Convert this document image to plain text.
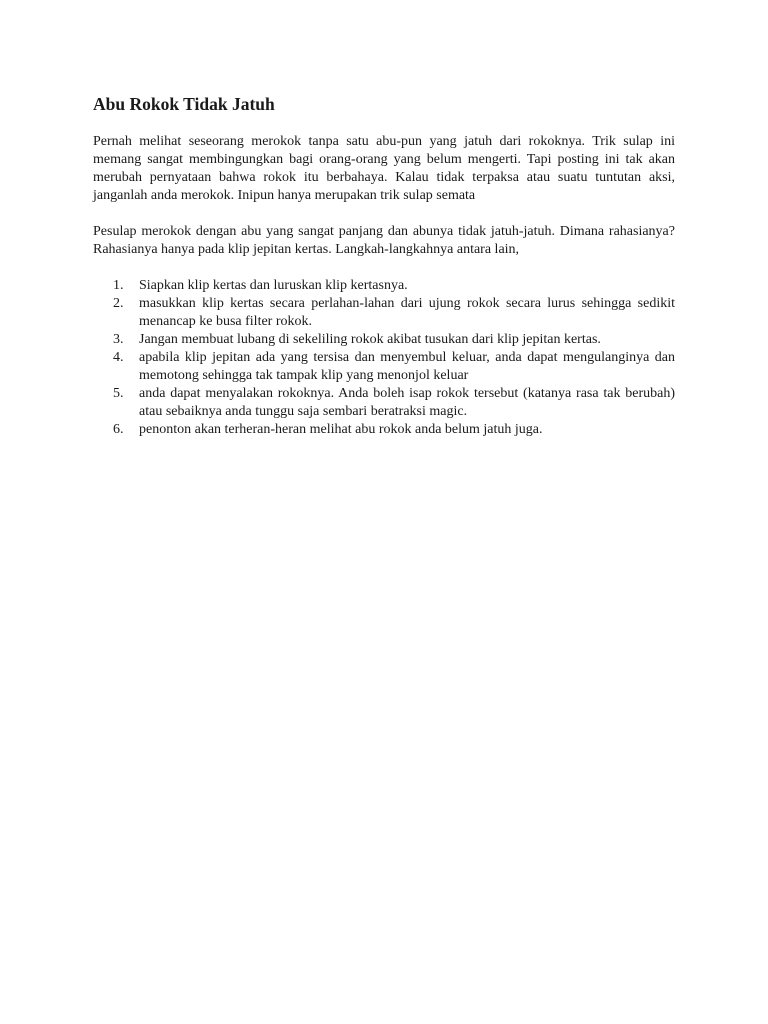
Abu Rokok Tidak Jatuh

Pernah melihat seseorang merokok tanpa satu abu-pun yang jatuh dari rokoknya. Trik sulap ini memang sangat membingungkan bagi orang-orang yang belum mengerti. Tapi posting ini tak akan merubah pernyataan bahwa rokok itu berbahaya. Kalau tidak terpaksa atau suatu tuntutan aksi, janganlah anda merokok. Inipun hanya merupakan trik sulap semata

Pesulap merokok dengan abu yang sangat panjang dan abunya tidak jatuh-jatuh. Dimana rahasianya? Rahasianya hanya pada klip jepitan kertas. Langkah-langkahnya antara lain,

1. Siapkan klip kertas dan luruskan klip kertasnya.
2. masukkan klip kertas secara perlahan-lahan dari ujung rokok secara lurus sehingga sedikit menancap ke busa filter rokok.
3. Jangan membuat lubang di sekeliling rokok akibat tusukan dari klip jepitan kertas.
4. apabila klip jepitan ada yang tersisa dan menyembul keluar, anda dapat mengulanginya dan memotong sehingga tak tampak klip yang menonjol keluar
5. anda dapat menyalakan rokoknya. Anda boleh isap rokok tersebut (katanya rasa tak berubah) atau sebaiknya anda tunggu saja sembari beratraksi magic.
6. penonton akan terheran-heran melihat abu rokok anda belum jatuh juga.
